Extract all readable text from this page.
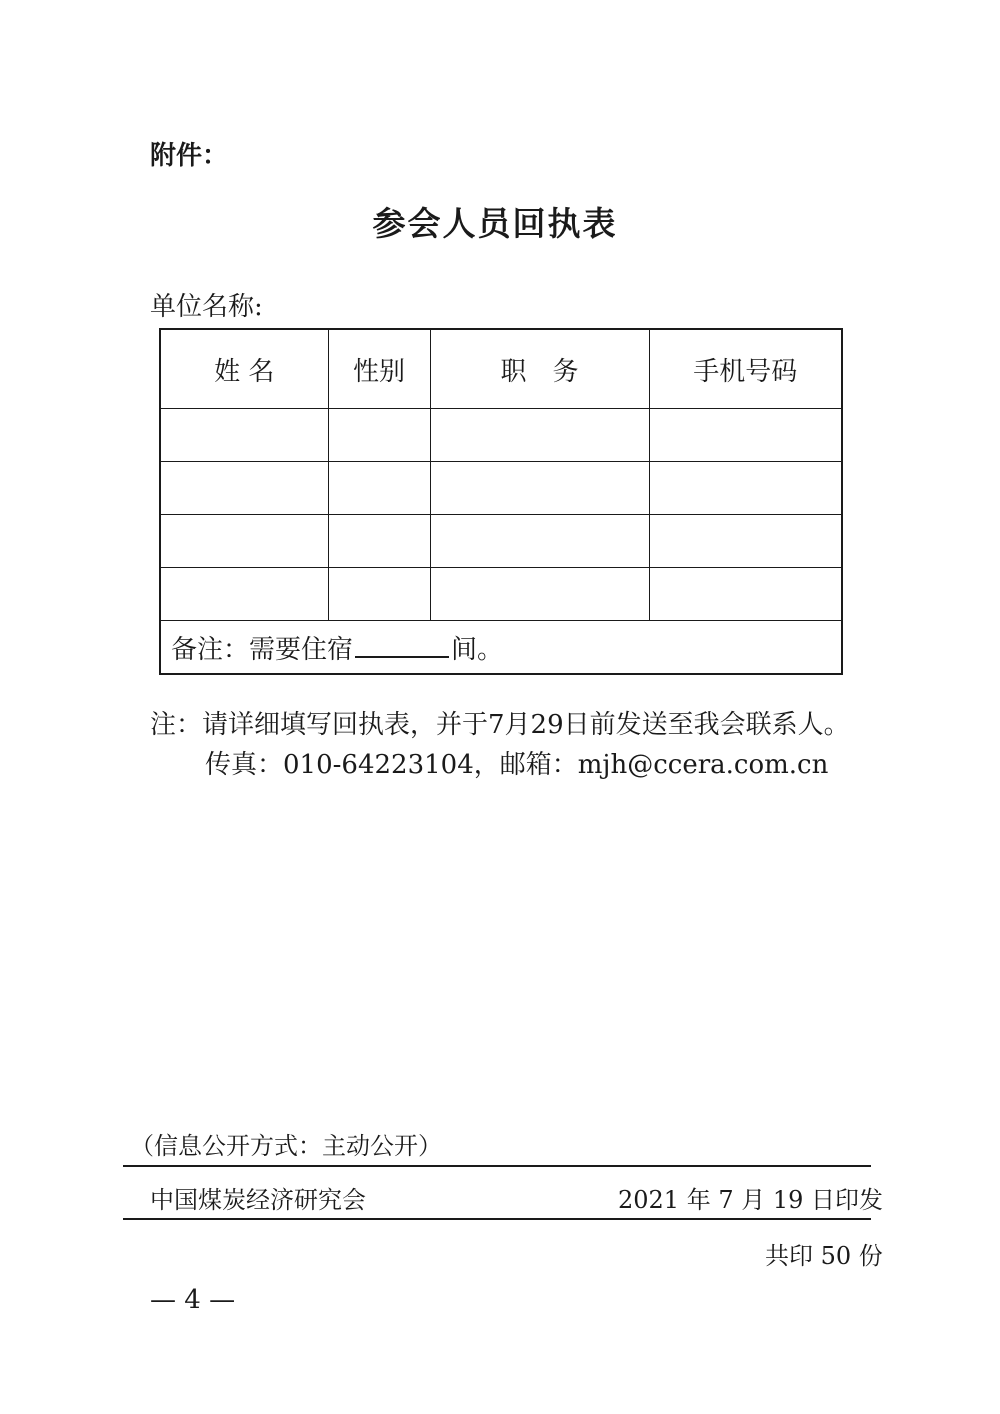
附件：
参会人员回执表
单位名称:
姓 名	性别	职　务	手机号码

备注：需要住宿 间。			
注：请详细填写回执表，并于7月29日前发送至我会联系人。
传真：010-64223104，邮箱：mjh@ccera.com.cn
（信息公开方式：主动公开）
中国煤炭经济研究会	2021 年 7 月 19 日印发
共印 50 份
— 4 —
